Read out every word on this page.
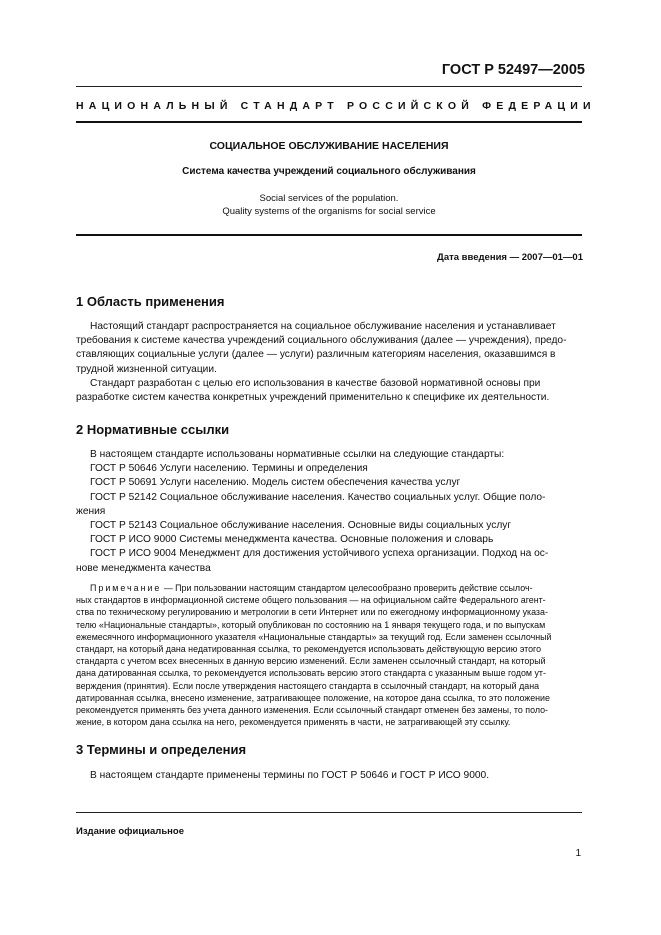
ГОСТ Р 52497—2005
НАЦИОНАЛЬНЫЙ СТАНДАРТ РОССИЙСКОЙ ФЕДЕРАЦИИ
СОЦИАЛЬНОЕ ОБСЛУЖИВАНИЕ НАСЕЛЕНИЯ
Система качества учреждений социального обслуживания
Social services of the population.
Quality systems of the organisms for social service
Дата введения — 2007—01—01
1 Область применения
Настоящий стандарт распространяется на социальное обслуживание населения и устанавливает
требования к системе качества учреждений социального обслуживания (далее — учреждения), предо-
ставляющих социальные услуги (далее — услуги) различным категориям населения, оказавшимся в
трудной жизненной ситуации.
Стандарт разработан с целью его использования в качестве базовой нормативной основы при
разработке систем качества конкретных учреждений применительно к специфике их деятельности.
2 Нормативные ссылки
В настоящем стандарте использованы нормативные ссылки на следующие стандарты:
ГОСТ Р 50646 Услуги населению. Термины и определения
ГОСТ Р 50691 Услуги населению. Модель систем обеспечения качества услуг
ГОСТ Р 52142 Социальное обслуживание населения. Качество социальных услуг. Общие поло-
жения
ГОСТ Р 52143 Социальное обслуживание населения. Основные виды социальных услуг
ГОСТ Р ИСО 9000 Системы менеджмента качества. Основные положения и словарь
ГОСТ Р ИСО 9004 Менеджмент для достижения устойчивого успеха организации. Подход на ос-
нове менеджмента качества
Примечание — При пользовании настоящим стандартом целесообразно проверить действие ссылоч-
ных стандартов в информационной системе общего пользования — на официальном сайте Федерального агент-
ства по техническому регулированию и метрологии в сети Интернет или по ежегодному информационному указа-
телю «Национальные стандарты», который опубликован по состоянию на 1 января текущего года, и по выпускам
ежемесячного информационного указателя «Национальные стандарты» за текущий год. Если заменен ссылочный
стандарт, на который дана недатированная ссылка, то рекомендуется использовать действующую версию этого
стандарта с учетом всех внесенных в данную версию изменений. Если заменен ссылочный стандарт, на который
дана датированная ссылка, то рекомендуется использовать версию этого стандарта с указанным выше годом ут-
верждения (принятия). Если после утверждения настоящего стандарта в ссылочный стандарт, на который дана
датированная ссылка, внесено изменение, затрагивающее положение, на которое дана ссылка, то это положение
рекомендуется применять без учета данного изменения. Если ссылочный стандарт отменен без замены, то поло-
жение, в котором дана ссылка на него, рекомендуется применять в части, не затрагивающей эту ссылку.
3 Термины и определения
В настоящем стандарте применены термины по ГОСТ Р 50646 и ГОСТ Р ИСО 9000.
Издание официальное
1
